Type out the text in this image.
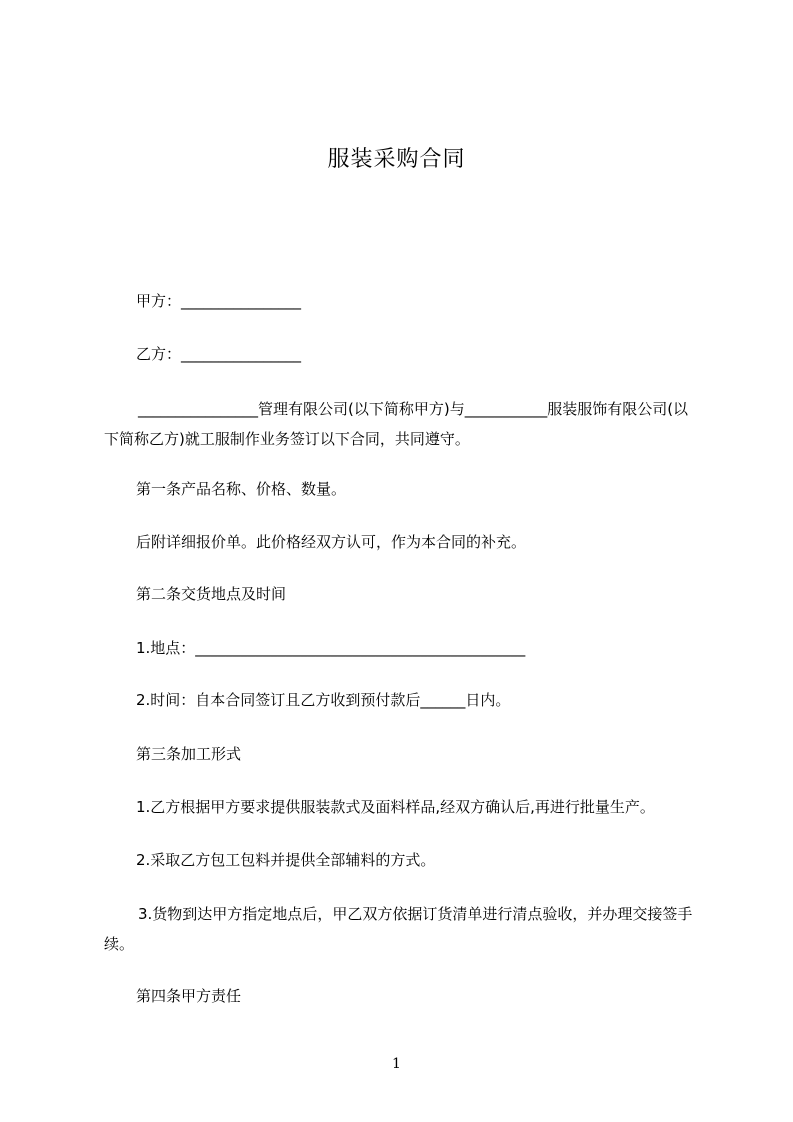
服装采购合同
甲方：________________
乙方：________________
________________管理有限公司(以下简称甲方)与___________服装服饰有限公司(以下简称乙方)就工服制作业务签订以下合同，共同遵守。
第一条产品名称、价格、数量。
后附详细报价单。此价格经双方认可，作为本合同的补充。
第二条交货地点及时间
1.地点：____________________________________________
2.时间：自本合同签订且乙方收到预付款后______日内。
第三条加工形式
1.乙方根据甲方要求提供服装款式及面料样品,经双方确认后,再进行批量生产。
2.采取乙方包工包料并提供全部辅料的方式。
3.货物到达甲方指定地点后，甲乙双方依据订货清单进行清点验收，并办理交接签手续。
第四条甲方责任
1
